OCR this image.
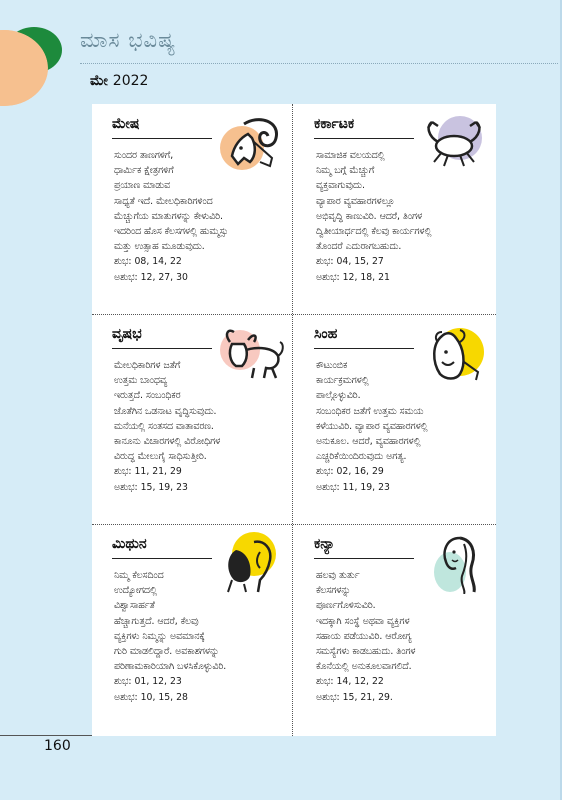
ಮಾಸ ಭವಿಷ್ಯ
ಮೇ 2022
ಮೇಷ
ಸುಂದರ ತಾಣಗಳಿಗೆ,
ಧಾರ್ಮಿಕ ಕ್ಷೇತ್ರಗಳಿಗೆ
ಪ್ರಯಾಣ ಮಾಡುವ
ಸಾಧ್ಯತೆ ಇದೆ. ಮೇಲಧಿಕಾರಿಗಳಿಂದ
ಮೆಚ್ಚುಗೆಯ ಮಾತುಗಳನ್ನು ಕೇಳುವಿರಿ.
ಇದರಿಂದ ಹೊಸ ಕೆಲಸಗಳಲ್ಲಿ ಹುಮ್ಮಸ್ಸು
ಮತ್ತು ಉತ್ಸಾಹ ಮೂಡುವುದು.
ಶುಭ: 08, 14, 22
ಅಶುಭ: 12, 27, 30
ಕರ್ಕಾಟಕ
ಸಾಮಾಜಿಕ ವಲಯದಲ್ಲಿ
ನಿಮ್ಮ ಬಗ್ಗೆ ಮೆಚ್ಚುಗೆ
ವ್ಯಕ್ತವಾಗುವುದು.
ವ್ಯಾಪಾರ ವ್ಯವಹಾರಗಳಲ್ಲೂ
ಅಭಿವೃದ್ಧಿ ಕಾಣುವಿರಿ. ಆದರೆ, ತಿಂಗಳ
ದ್ವಿತೀಯಾರ್ಧದಲ್ಲಿ ಕೆಲವು ಕಾರ್ಯಗಳಲ್ಲಿ
ತೊಂದರೆ ಎದುರಾಗಬಹುದು.
ಶುಭ: 04, 15, 27
ಅಶುಭ: 12, 18, 21
ವೃಷಭ
ಮೇಲಧಿಕಾರಿಗಳ ಜತೆಗೆ
ಉತ್ತಮ ಬಾಂಧವ್ಯ
ಇರುತ್ತದೆ. ಸಂಬಂಧಿಕರ
ಜೊತೆಗಿನ ಒಡನಾಟ ವೃದ್ಧಿಸುವುದು.
ಮನೆಯಲ್ಲಿ ಸಂತಸದ ವಾತಾವರಣ.
ಕಾನೂನು ವಿಚಾರಗಳಲ್ಲಿ ವಿರೋಧಿಗಳ
ವಿರುದ್ಧ ಮೇಲುಗೈ ಸಾಧಿಸುತ್ತೀರಿ.
ಶುಭ: 11, 21, 29
ಅಶುಭ: 15, 19, 23
ಸಿಂಹ
ಕೌಟುಂಬಿಕ
ಕಾರ್ಯಕ್ರಮಗಳಲ್ಲಿ
ಪಾಲ್ಗೊಳ್ಳುವಿರಿ.
ಸಂಬಂಧಿಕರ ಜತೆಗೆ ಉತ್ತಮ ಸಮಯ
ಕಳೆಯುವಿರಿ. ವ್ಯಾಪಾರ ವ್ಯವಹಾರಗಳಲ್ಲಿ
ಅನುಕೂಲ. ಆದರೆ, ವ್ಯವಹಾರಗಳಲ್ಲಿ
ಎಚ್ಚರಿಕೆಯಿಂದಿರುವುದು ಅಗತ್ಯ.
ಶುಭ: 02, 16, 29
ಅಶುಭ: 11, 19, 23
ಮಿಥುನ
ನಿಮ್ಮ ಕೆಲಸದಿಂದ
ಉದ್ಯೋಗದಲ್ಲಿ
ವಿಶ್ವಾಸಾರ್ಹತೆ
ಹೆಚ್ಚಾಗುತ್ತದೆ. ಆದರೆ, ಕೆಲವು
ವ್ಯಕ್ತಿಗಳು ನಿಮ್ಮನ್ನು ಅವಮಾನಕ್ಕೆ
ಗುರಿ ಮಾಡಲಿದ್ದಾರೆ. ಅವಕಾಶಗಳನ್ನು
ಪರಿಣಾಮಕಾರಿಯಾಗಿ ಬಳಸಿಕೊಳ್ಳುವಿರಿ.
ಶುಭ: 01, 12, 23
ಅಶುಭ: 10, 15, 28
ಕನ್ಯಾ
ಹಲವು ತುರ್ತು
ಕೆಲಸಗಳನ್ನು
ಪೂರ್ಣಗೊಳಿಸುವಿರಿ.
ಇದಕ್ಕಾಗಿ ಸಂಸ್ಥೆ ಅಥವಾ ವ್ಯಕ್ತಿಗಳ
ಸಹಾಯ ಪಡೆಯುವಿರಿ. ಆರೋಗ್ಯ
ಸಮಸ್ಯೆಗಳು ಕಾಡಬಹುದು. ತಿಂಗಳ
ಕೊನೆಯಲ್ಲಿ ಅನುಕೂಲವಾಗಲಿದೆ.
ಶುಭ: 14, 12, 22
ಅಶುಭ: 15, 21, 29.
160
